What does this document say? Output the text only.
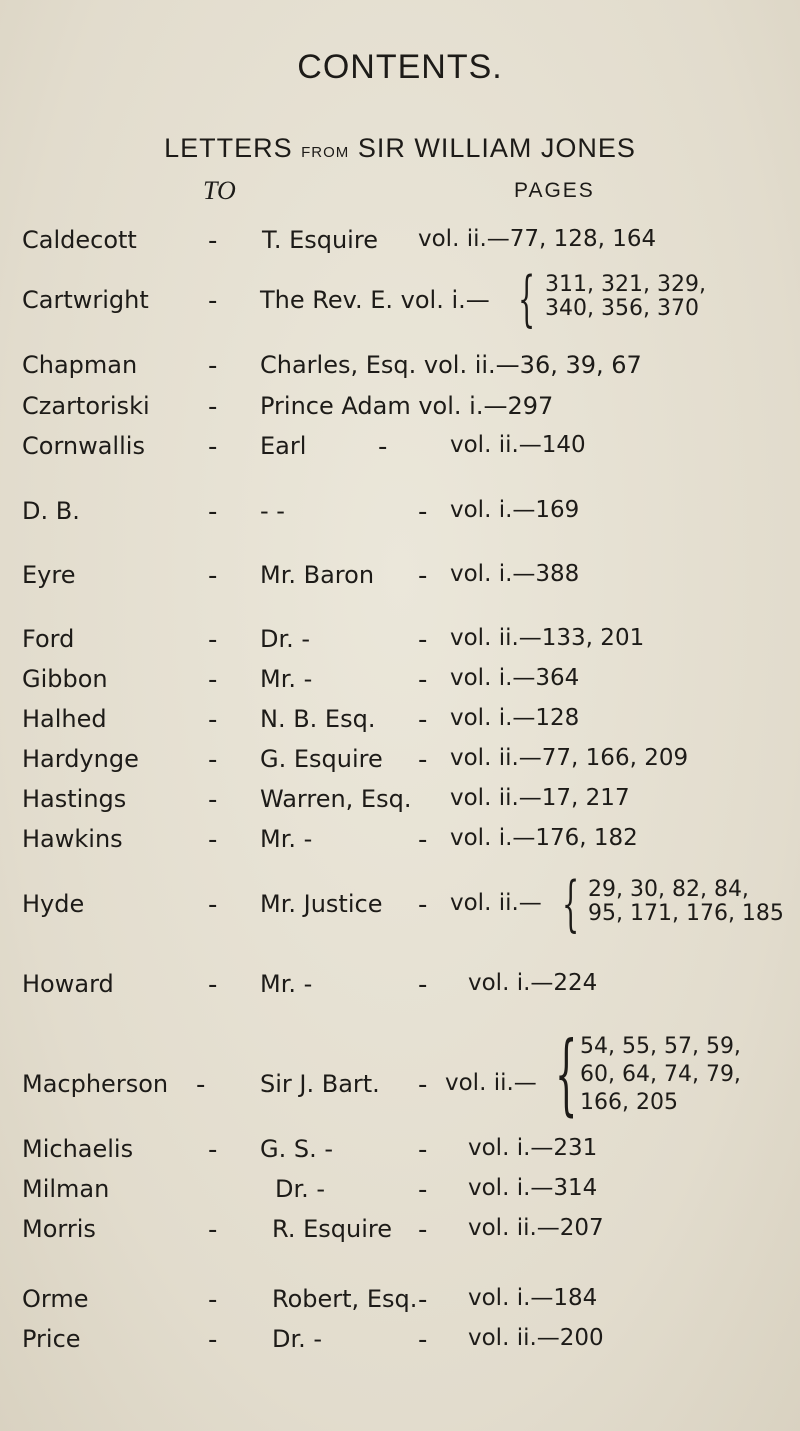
CONTENTS.
LETTERS FROM SIR WILLIAM JONES
TO	PAGES
Caldecott	- T. Esquire vol. ii.—77, 128, 164
Cartwright - The Rev. E. vol. i.— { 311, 321, 329,
340, 356, 370
Chapman	- Charles, Esq. vol. ii.—36, 39, 67
Czartoriski - Prince Adam vol. i.—297
Cornwallis - Earl	-	vol. ii.—140
D. B.	- - -	- vol. i.—169
Eyre	- Mr. Baron - vol. i.—388
Ford	- Dr. -	- vol. ii.—133, 201
Gibbon	- Mr. -	- vol. i.—364
Halhed	- N. B. Esq. - vol. i.—128
Hardynge	- G. Esquire - vol. ii.—77, 166, 209
Hastings	- Warren, Esq. vol. ii.—17, 217
Hawkins	- Mr. -	- vol. i.—176, 182
Hyde	- Mr. Justice - vol. ii.— { 29, 30, 82, 84,
95, 171, 176, 185
Howard	- Mr. -	- vol. i.—224
Macpherson - Sir J. Bart. - vol. ii.— { 54, 55, 57, 59,
60, 64, 74, 79,
166, 205
Michaelis	- G. S. -	- vol. i.—231
Milman	Dr. -	- vol. i.—314
Morris	- R. Esquire - vol. ii.—207
Orme	- Robert, Esq. - vol. i.—184
Price	- Dr. -	- vol. ii.—200
